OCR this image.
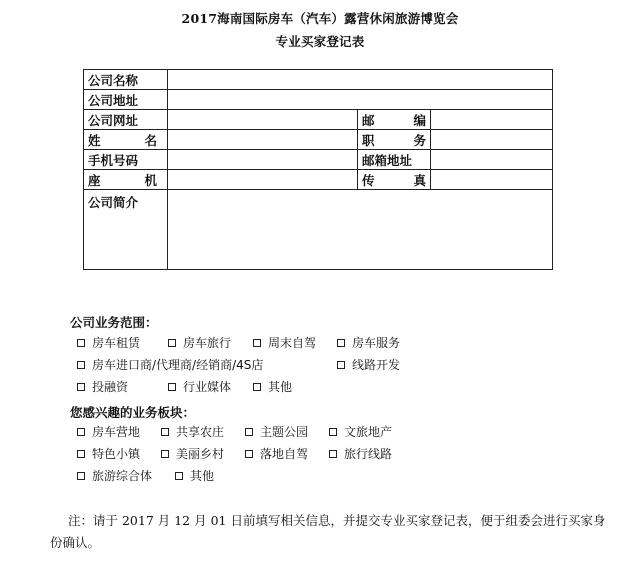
2017海南国际房车（汽车）露营休闲旅游博览会
专业买家登记表
公司名称			
公司地址			
公司网址		邮 编	

姓 名		职 务	

手机号码		邮箱地址	

座 机		传 真	

公司简介			
公司业务范围：
房车租赁	房车旅行	周末自驾	房车服务
房车进口商/代理商/经销商/4S店	线路开发
投融资	行业媒体	其他
您感兴趣的业务板块：
房车营地	共享农庄	主题公园	文旅地产
特色小镇	美丽乡村	落地自驾	旅行线路
旅游综合体	其他
注：请于 2017 月 12 月 01 日前填写相关信息，并提交专业买家登记表，便于组委会进行买家身份确认。
